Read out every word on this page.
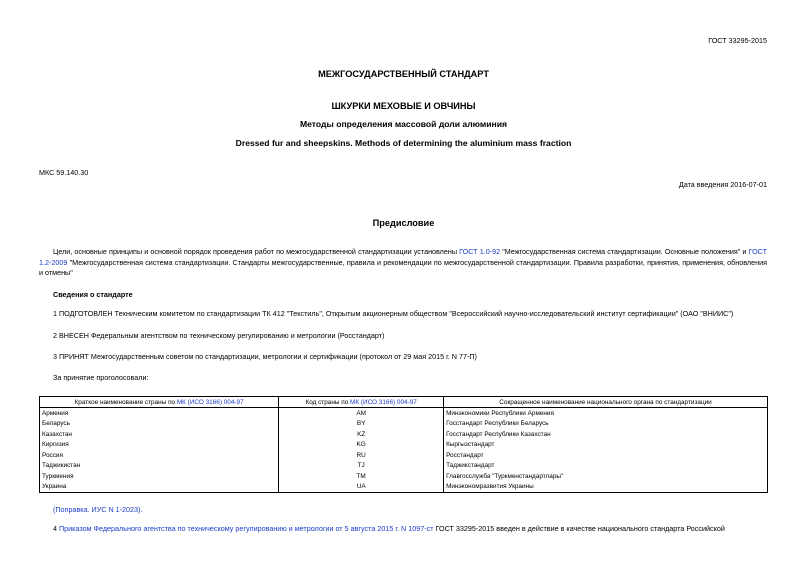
ГОСТ 33295-2015
МЕЖГОСУДАРСТВЕННЫЙ СТАНДАРТ
ШКУРКИ МЕХОВЫЕ И ОВЧИНЫ
Методы определения массовой доли алюминия
Dressed fur and sheepskins. Methods of determining the aluminium mass fraction
МКС 59.140.30
Дата введения 2016-07-01
Предисловие
Цели, основные принципы и основной порядок проведения работ по межгосударственной стандартизации установлены ГОСТ 1.0-92 "Межгосударственная система стандартизации. Основные положения" и ГОСТ 1.2-2009 "Межгосударственная система стандартизации. Стандарты межгосударственные, правила и рекомендации по межгосударственной стандартизации. Правила разработки, принятия, применения, обновления и отмены"
Сведения о стандарте
1 ПОДГОТОВЛЕН Техническим комитетом по стандартизации ТК 412 "Текстиль", Открытым акционерным обществом "Всероссийский научно-исследовательский институт сертификации" (ОАО "ВНИИС")
2 ВНЕСЕН Федеральным агентством по техническому регулированию и метрологии (Росстандарт)
3 ПРИНЯТ Межгосударственным советом по стандартизации, метрологии и сертификации (протокол от 29 мая 2015 г. N 77-П)
За принятие проголосовали:
Краткое наименование страны по МК (ИСО 3166) 004-97	Код страны по МК (ИСО 3166) 004-97	Сокращенное наименование национального органа по стандартизации
Армения	AM	Минэкономики Республики Армения
Беларусь	BY	Госстандарт Республики Беларусь
Казахстан	KZ	Госстандарт Республики Казахстан
Киргизия	KG	Кыргызстандарт
Россия	RU	Росстандарт
Таджикистан	TJ	Таджикстандарт
Туркмения	TM	Главгосслужба "Туркменстандартлары"
Украина	UA	Минэкономразвития Украины
(Поправка. ИУС N 1-2023).
4 Приказом Федерального агентства по техническому регулированию и метрологии от 5 августа 2015 г. N 1097-ст ГОСТ 33295-2015 введен в действие в качестве национального стандарта Российской
